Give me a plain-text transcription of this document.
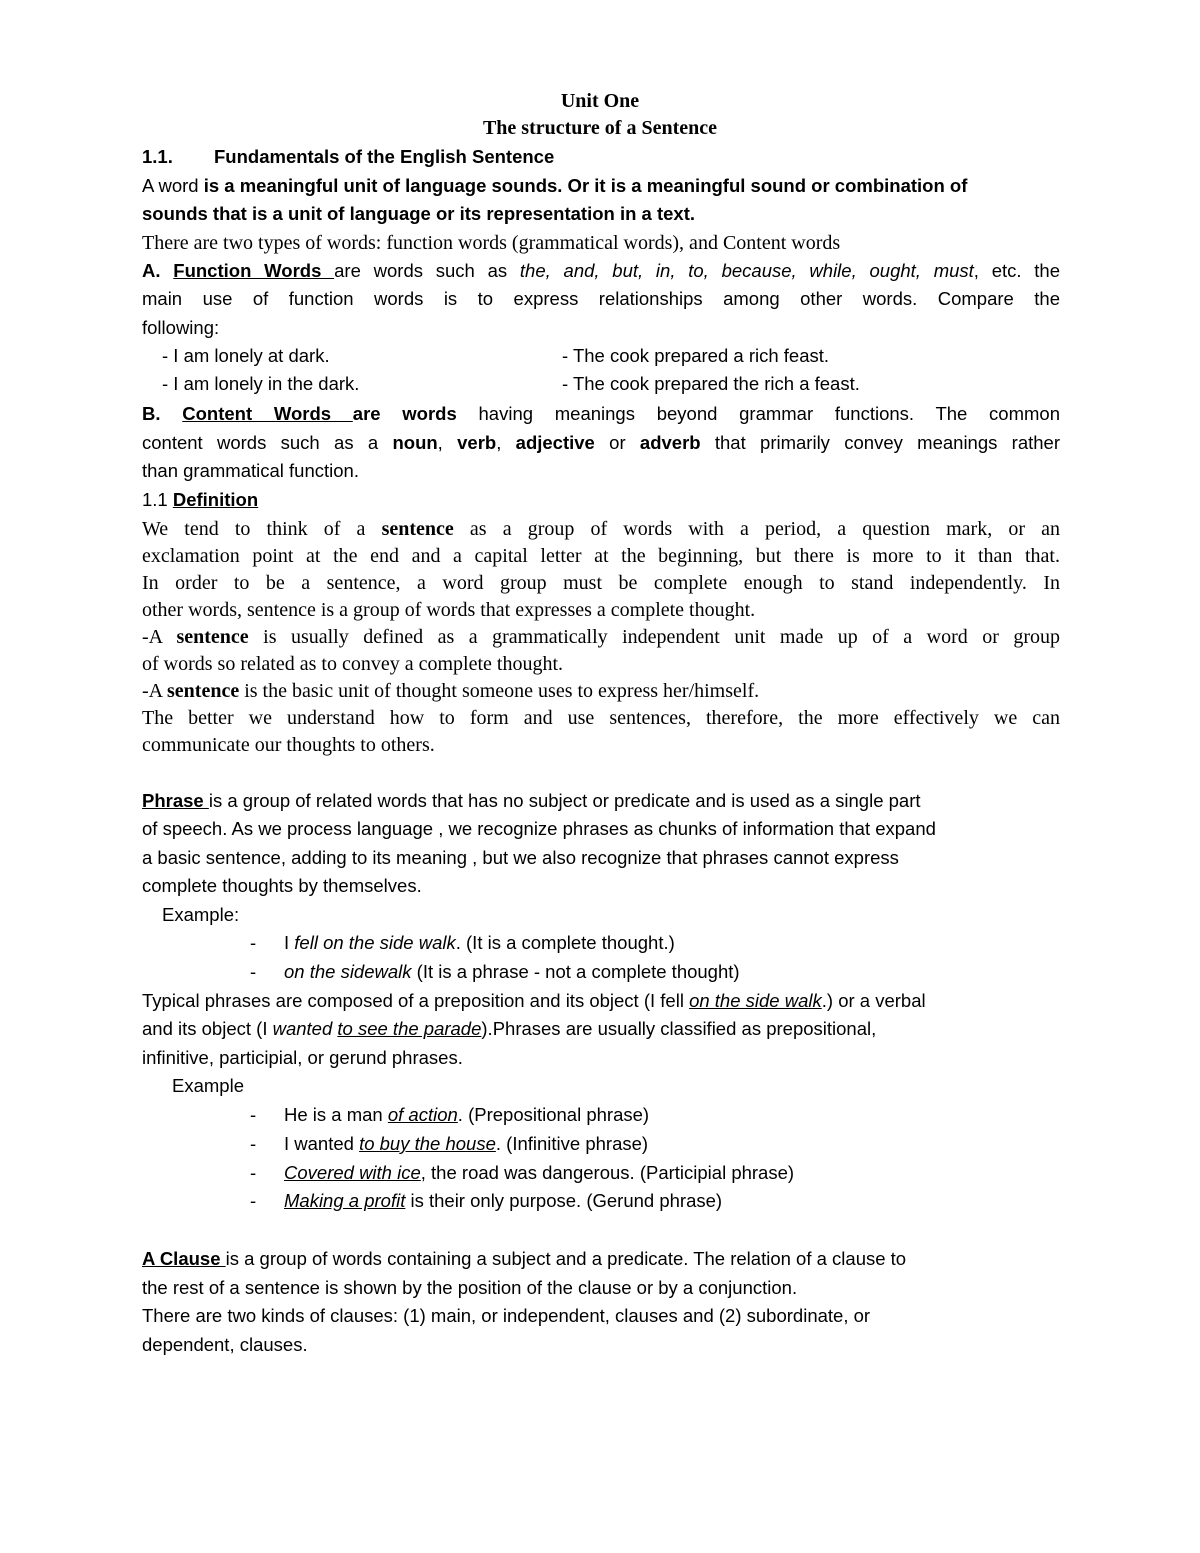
Unit One
The structure of a Sentence
1.1. Fundamentals of the English Sentence
A word is a meaningful unit of language sounds. Or it is a meaningful sound or combination of
sounds that is a unit of language or its representation in a text.
There are two types of words: function words (grammatical words), and Content words
A. Function Words are words such as the, and, but, in, to, because, while, ought, must, etc. the
main use of function words is to express relationships among other words. Compare the
following:
- I am lonely at dark.	- The cook prepared a rich feast.
- I am lonely in the dark.	- The cook prepared the rich a feast.
B. Content Words are words having meanings beyond grammar functions. The common
content words such as a noun, verb, adjective or adverb that primarily convey meanings rather
than grammatical function.
1.1 Definition
We tend to think of a sentence as a group of words with a period, a question mark, or an
exclamation point at the end and a capital letter at the beginning, but there is more to it than that.
In order to be a sentence, a word group must be complete enough to stand independently. In
other words, sentence is a group of words that expresses a complete thought.
-A sentence is usually defined as a grammatically independent unit made up of a word or group
of words so related as to convey a complete thought.
-A sentence is the basic unit of thought someone uses to express her/himself.
The better we understand how to form and use sentences, therefore, the more effectively we can
communicate our thoughts to others.
Phrase is a group of related words that has no subject or predicate and is used as a single part
of speech. As we process language , we recognize phrases as chunks of information that expand
a basic sentence, adding to its meaning , but we also recognize that phrases cannot express
complete thoughts by themselves.
Example:
- I fell on the side walk. (It is a complete thought.)
- on the sidewalk (It is a phrase - not a complete thought)
Typical phrases are composed of a preposition and its object (I fell on the side walk.) or a verbal
and its object (I wanted to see the parade).Phrases are usually classified as prepositional,
infinitive, participial, or gerund phrases.
Example
- He is a man of action. (Prepositional phrase)
- I wanted to buy the house. (Infinitive phrase)
- Covered with ice, the road was dangerous. (Participial phrase)
- Making a profit is their only purpose. (Gerund phrase)
A Clause is a group of words containing a subject and a predicate. The relation of a clause to
the rest of a sentence is shown by the position of the clause or by a conjunction.
There are two kinds of clauses: (1) main, or independent, clauses and (2) subordinate, or
dependent, clauses.
